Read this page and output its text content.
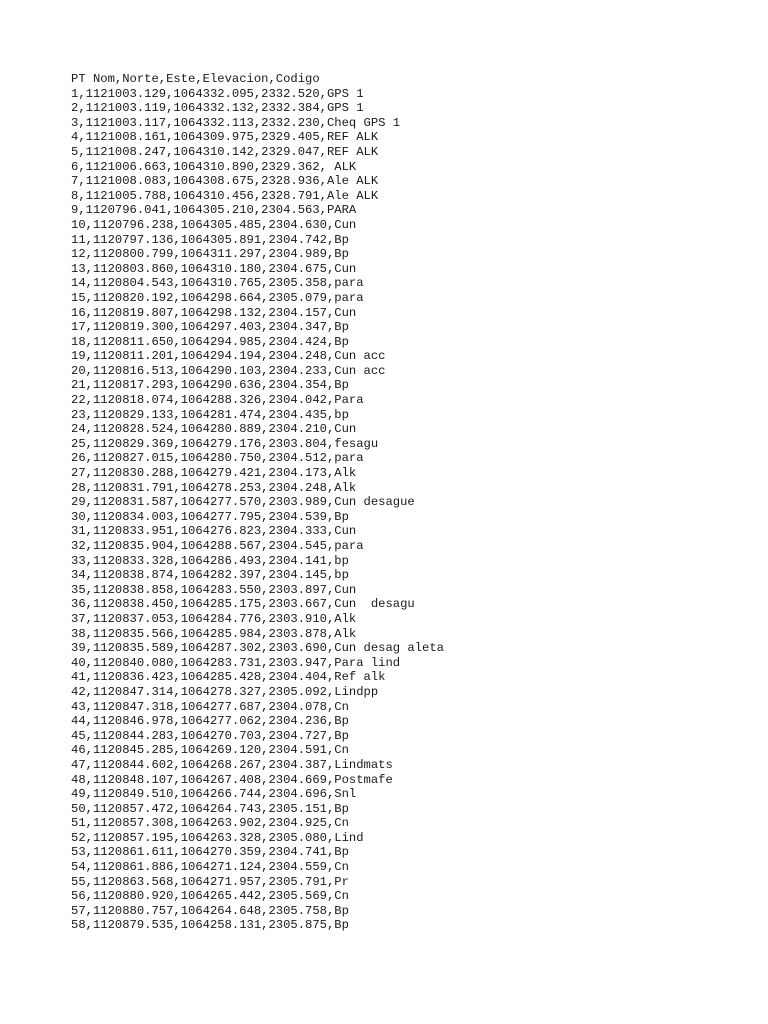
PT Nom,Norte,Este,Elevacion,Codigo
1,1121003.129,1064332.095,2332.520,GPS 1
2,1121003.119,1064332.132,2332.384,GPS 1
3,1121003.117,1064332.113,2332.230,Cheq GPS 1
4,1121008.161,1064309.975,2329.405,REF ALK
5,1121008.247,1064310.142,2329.047,REF ALK
6,1121006.663,1064310.890,2329.362, ALK
7,1121008.083,1064308.675,2328.936,Ale ALK
8,1121005.788,1064310.456,2328.791,Ale ALK
9,1120796.041,1064305.210,2304.563,PARA
10,1120796.238,1064305.485,2304.630,Cun
11,1120797.136,1064305.891,2304.742,Bp
12,1120800.799,1064311.297,2304.989,Bp
13,1120803.860,1064310.180,2304.675,Cun
14,1120804.543,1064310.765,2305.358,para
15,1120820.192,1064298.664,2305.079,para
16,1120819.807,1064298.132,2304.157,Cun
17,1120819.300,1064297.403,2304.347,Bp
18,1120811.650,1064294.985,2304.424,Bp
19,1120811.201,1064294.194,2304.248,Cun acc
20,1120816.513,1064290.103,2304.233,Cun acc
21,1120817.293,1064290.636,2304.354,Bp
22,1120818.074,1064288.326,2304.042,Para
23,1120829.133,1064281.474,2304.435,bp
24,1120828.524,1064280.889,2304.210,Cun
25,1120829.369,1064279.176,2303.804,fesagu
26,1120827.015,1064280.750,2304.512,para
27,1120830.288,1064279.421,2304.173,Alk
28,1120831.791,1064278.253,2304.248,Alk
29,1120831.587,1064277.570,2303.989,Cun desague
30,1120834.003,1064277.795,2304.539,Bp
31,1120833.951,1064276.823,2304.333,Cun
32,1120835.904,1064288.567,2304.545,para
33,1120833.328,1064286.493,2304.141,bp
34,1120838.874,1064282.397,2304.145,bp
35,1120838.858,1064283.550,2303.897,Cun
36,1120838.450,1064285.175,2303.667,Cun  desagu
37,1120837.053,1064284.776,2303.910,Alk
38,1120835.566,1064285.984,2303.878,Alk
39,1120835.589,1064287.302,2303.690,Cun desag aleta
40,1120840.080,1064283.731,2303.947,Para lind
41,1120836.423,1064285.428,2304.404,Ref alk
42,1120847.314,1064278.327,2305.092,Lindpp
43,1120847.318,1064277.687,2304.078,Cn
44,1120846.978,1064277.062,2304.236,Bp
45,1120844.283,1064270.703,2304.727,Bp
46,1120845.285,1064269.120,2304.591,Cn
47,1120844.602,1064268.267,2304.387,Lindmats
48,1120848.107,1064267.408,2304.669,Postmafe
49,1120849.510,1064266.744,2304.696,Snl
50,1120857.472,1064264.743,2305.151,Bp
51,1120857.308,1064263.902,2304.925,Cn
52,1120857.195,1064263.328,2305.080,Lind
53,1120861.611,1064270.359,2304.741,Bp
54,1120861.886,1064271.124,2304.559,Cn
55,1120863.568,1064271.957,2305.791,Pr
56,1120880.920,1064265.442,2305.569,Cn
57,1120880.757,1064264.648,2305.758,Bp
58,1120879.535,1064258.131,2305.875,Bp
